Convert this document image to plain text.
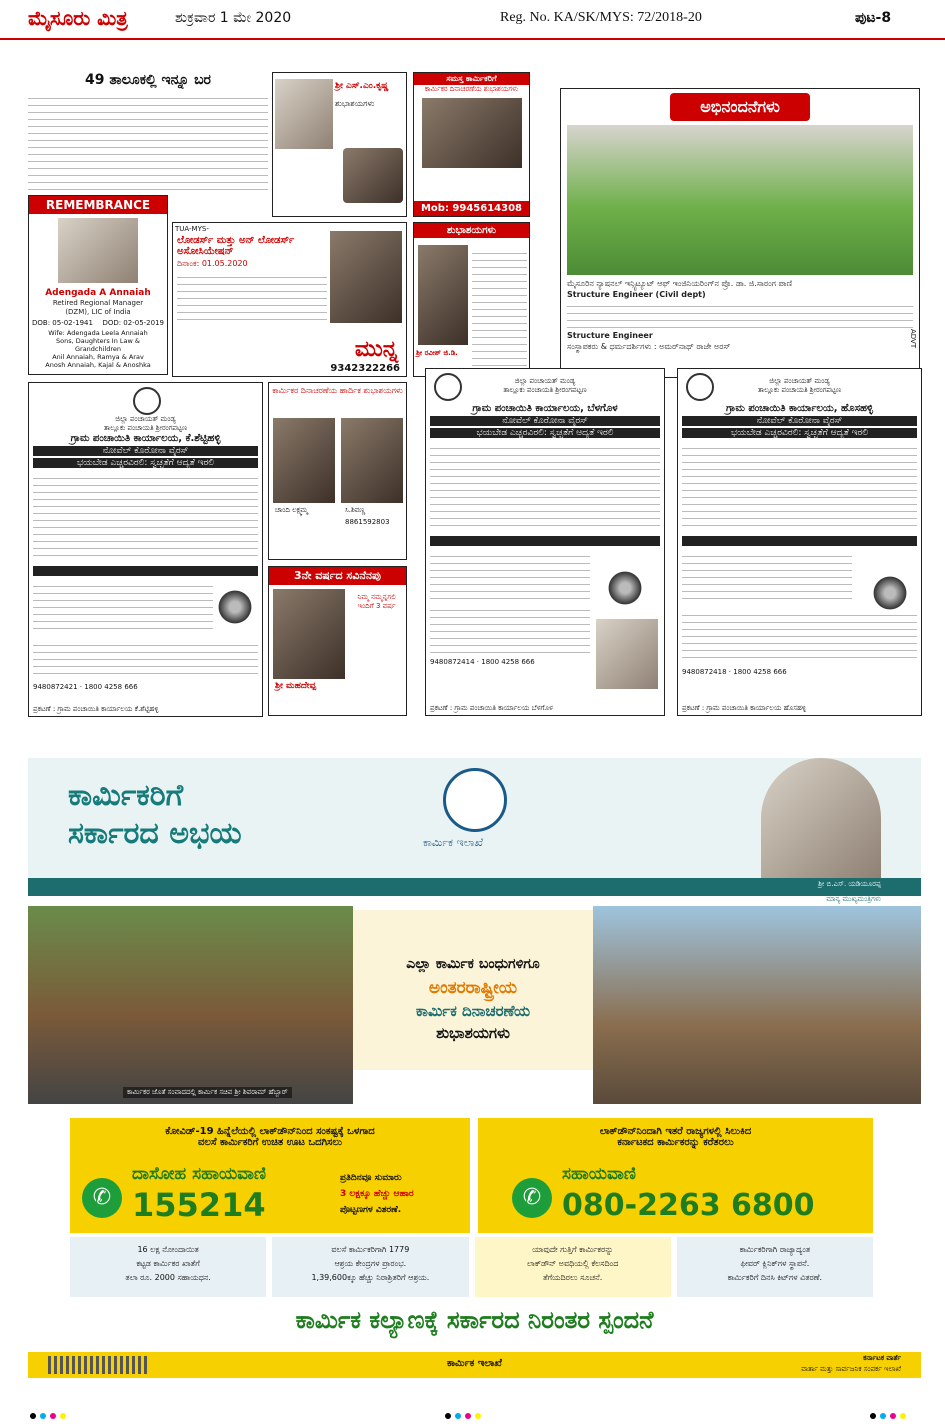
ಮೈಸೂರು ಮಿತ್ರ	ಶುಕ್ರವಾರ 1 ಮೇ 2020	Reg. No. KA/SK/MYS: 72/2018-20	ಪುಟ-8
49 ತಾಲೂಕಲ್ಲಿ ಇನ್ನೂ ಬರ
REMEMBRANCE
Adengada A Annaiah
Retired Regional Manager
(DZM), LIC of India
DOB: 05-02-1941 DOD: 02-05-2019
Wife: Adengada Leela Annaiah
Sons, Daughters In Law &
Grandchildren
Anil Annaiah, Ramya & Arav
Anosh Annaiah, Kajal & Anoshka
ಶ್ರೀ ಎಸ್.ಎಂ.ಕೃಷ್ಣ
ಶುಭಾಶಯಗಳು
ಸಮಸ್ತ ಕಾರ್ಮಿಕರಿಗೆ
ಕಾರ್ಮಿಕರ ದಿನಾಚರಣೆಯ ಶುಭಾಶಯಗಳು
Mob: 9945614308
ಅಭಿನಂದನೆಗಳು
ಮೈಸೂರಿನ ನ್ಯಾಷನಲ್ ಇನ್ಸ್ಟಿಟ್ಯೂಟ್ ಆಫ್ ಇಂಜಿನಿಯರಿಂಗ್‌ನ ಪ್ರೊ. ಡಾ. ಜಿ.ಸಾರಂಗ ಪಾಣಿ
Structure Engineer (Civil dept)
Structure Engineer
ಸಂಸ್ಥಾಪಕರು & ಧರ್ಮದರ್ಶಿಗಳು : ಅಮರ್‌ನಾಥ್ ರಾಜೇ ಅರಸ್	ADVT
TUA-MYS-
ಲೋಡರ್ಸ್ ಮತ್ತು ಅನ್ ಲೋಡರ್ಸ್ ಅಸೋಸಿಯೇಷನ್
ದಿನಾಂಕ: 01.05.2020
ಮುನ್ನ
9342322266
ಶುಭಾಶಯಗಳು
ಶ್ರೀ ರವೀಶ್ ಜಿ.ಡಿ.
ಜಿಲ್ಲಾ ಪಂಚಾಯತ್ ಮಂಡ್ಯ
ತಾಲ್ಲೂಕು ಪಂಚಾಯತಿ ಶ್ರೀರಂಗಪಟ್ಟಣ
ಗ್ರಾಮ ಪಂಚಾಯಿತಿ ಕಾರ್ಯಾಲಯ, ಕೆ.ಶೆಟ್ಟಿಹಳ್ಳಿ
ನೋವೆಲ್ ಕೊರೋನಾ ವೈರಸ್
ಭಯಬೇಡ ಎಚ್ಚರವಿರಲಿ: ಸ್ವಚ್ಛತೆಗೆ ಆದ್ಯತೆ ಇರಲಿ
9480872421 · 1800 4258 666
ಪ್ರಕಟಣೆ : ಗ್ರಾಮ ಪಂಚಾಯಿತಿ ಕಾರ್ಯಾಲಯ ಕೆ.ಶೆಟ್ಟಿಹಳ್ಳಿ
ಕಾರ್ಮಿಕರ ದಿನಾಚರಣೆಯ ಹಾರ್ದಿಕ ಶುಭಾಶಯಗಳು
ಚಾಂದಿ ಲಕ್ಷ್ಮಮ್ಮ	ಸಿ.ಶಿವಣ್ಣ
8861592803
3ನೇ ವರ್ಷದ ಸವಿನೆನಪು
ನಿಮ್ಮ ನಮ್ಮನ್ನಗಲಿ ಇಂದಿಗೆ 3 ವರ್ಷ
ಶ್ರೀ ಮಹದೇವ್ಪ
ಜಿಲ್ಲಾ ಪಂಚಾಯತ್ ಮಂಡ್ಯ
ತಾಲ್ಲೂಕು ಪಂಚಾಯತಿ ಶ್ರೀರಂಗಪಟ್ಟಣ
ಗ್ರಾಮ ಪಂಚಾಯಿತಿ ಕಾರ್ಯಾಲಯ, ಬೆಳಗೊಳ
ನೋವೆಲ್ ಕೊರೋನಾ ವೈರಸ್
ಭಯಬೇಡ ಎಚ್ಚರವಿರಲಿ: ಸ್ವಚ್ಛತೆಗೆ ಆದ್ಯತೆ ಇರಲಿ
9480872414 · 1800 4258 666
ಪ್ರಕಟಣೆ : ಗ್ರಾಮ ಪಂಚಾಯಿತಿ ಕಾರ್ಯಾಲಯ ಬೆಳಗೊಳ
ಜಿಲ್ಲಾ ಪಂಚಾಯತ್ ಮಂಡ್ಯ
ತಾಲ್ಲೂಕು ಪಂಚಾಯತಿ ಶ್ರೀರಂಗಪಟ್ಟಣ
ಗ್ರಾಮ ಪಂಚಾಯಿತಿ ಕಾರ್ಯಾಲಯ, ಹೊಸಹಳ್ಳಿ
ನೋವೆಲ್ ಕೊರೋನಾ ವೈರಸ್
ಭಯಬೇಡ ಎಚ್ಚರವಿರಲಿ: ಸ್ವಚ್ಛತೆಗೆ ಆದ್ಯತೆ ಇರಲಿ
9480872418 · 1800 4258 666
ಪ್ರಕಟಣೆ : ಗ್ರಾಮ ಪಂಚಾಯಿತಿ ಕಾರ್ಯಾಲಯ ಹೊಸಹಳ್ಳಿ
ಕಾರ್ಮಿಕರಿಗೆ
ಸರ್ಕಾರದ ಅಭಯ	ಕಾರ್ಮಿಕ ಇಲಾಖೆ
ಶ್ರೀ ಬಿ.ಎಸ್. ಯಡಿಯೂರಪ್ಪ
ಮಾನ್ಯ ಮುಖ್ಯಮಂತ್ರಿಗಳು
ಕಾರ್ಮಿಕರ ಜೊತೆ ಸಂವಾದದಲ್ಲಿ ಕಾರ್ಮಿಕ ಸಚಿವ ಶ್ರೀ ಶಿವರಾಮ್ ಹೆಬ್ಬಾರ್
ಎಲ್ಲಾ ಕಾರ್ಮಿಕ ಬಂಧುಗಳಿಗೂ
ಅಂತರರಾಷ್ಟ್ರೀಯ
ಕಾರ್ಮಿಕ ದಿನಾಚರಣೆಯ
ಶುಭಾಶಯಗಳು
ಕೋವಿಡ್-19 ಹಿನ್ನೆಲೆಯಲ್ಲಿ ಲಾಕ್‌ಡೌನ್‌ನಿಂದ ಸಂಕಷ್ಟಕ್ಕೆ ಒಳಗಾದ
ವಲಸೆ ಕಾರ್ಮಿಕರಿಗೆ ಉಚಿತ ಊಟ ಒದಗಿಸಲು
✆
ದಾಸೋಹ ಸಹಾಯವಾಣಿ
155214
ಪ್ರತಿದಿನವೂ ಸುಮಾರು
3 ಲಕ್ಷಕ್ಕೂ ಹೆಚ್ಚು ಆಹಾರ
ಪೊಟ್ಟಣಗಳ ವಿತರಣೆ.
ಲಾಕ್‌ಡೌನ್‌ನಿಂದಾಗಿ ಇತರೆ ರಾಜ್ಯಗಳಲ್ಲಿ ಸಿಲುಕಿದ
ಕರ್ನಾಟಕದ ಕಾರ್ಮಿಕರನ್ನು ಕರೆತರಲು
✆
ಸಹಾಯವಾಣಿ
080-2263 6800
16 ಲಕ್ಷ ನೋಂದಾಯಿತ
ಕಟ್ಟಡ ಕಾರ್ಮಿಕರ ಖಾತೆಗೆ
ತಲಾ ರೂ. 2000 ಸಹಾಯಧನ.
ವಲಸೆ ಕಾರ್ಮಿಕರಿಗಾಗಿ 1779
ಆಶ್ರಯ ಕೇಂದ್ರಗಳ ಪ್ರಾರಂಭ.
1,39,600ಕ್ಕೂ ಹೆಚ್ಚು ನಿರಾಶ್ರಿತರಿಗೆ ಆಶ್ರಯ.
ಯಾವುದೇ ಗುತ್ತಿಗೆ ಕಾರ್ಮಿಕರನ್ನು
ಲಾಕ್‌ಡೌನ್ ಅವಧಿಯಲ್ಲಿ ಕೆಲಸದಿಂದ
ತೆಗೆಯದಿರಲು ಸೂಚನೆ.
ಕಾರ್ಮಿಕರಿಗಾಗಿ ರಾಜ್ಯಾದ್ಯಂತ
ಫೀವರ್ ಕ್ಲಿನಿಕ್‌ಗಳ ಸ್ಥಾಪನೆ.
ಕಾರ್ಮಿಕರಿಗೆ ದಿನಸಿ ಕಿಟ್‌ಗಳ ವಿತರಣೆ.
ಕಾರ್ಮಿಕ ಕಲ್ಯಾಣಕ್ಕೆ ಸರ್ಕಾರದ ನಿರಂತರ ಸ್ಪಂದನೆ
ಕಾರ್ಮಿಕ ಇಲಾಖೆ	ಕರ್ನಾಟಕ ವಾರ್ತೆ
ವಾರ್ತಾ ಮತ್ತು ಸಾರ್ವಜನಿಕ ಸಂಪರ್ಕ ಇಲಾಖೆ
